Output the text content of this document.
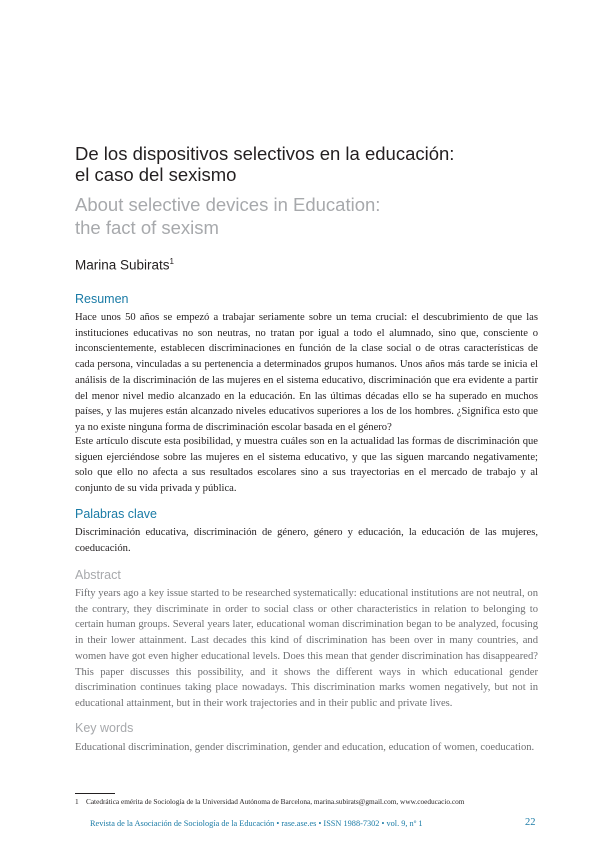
De los dispositivos selectivos en la educación:
el caso del sexismo
About selective devices in Education:
the fact of sexism
Marina Subirats$^1$
Resumen

Hace unos 50 años se empezó a trabajar seriamente sobre un tema crucial: el descubrimiento de que las instituciones educativas no son neutras, no tratan por igual a todo el alumnado, sino que, consciente o inconscientemente, establecen discriminaciones en función de la clase social o de otras características de cada persona, vinculadas a su pertenencia a determinados grupos humanos. Unos años más tarde se inicia el análisis de la discriminación de las mujeres en el sistema educativo, discriminación que era evidente a partir del menor nivel medio alcanzado en la educación. En las últimas décadas ello se ha superado en muchos países, y las mujeres están alcanzado niveles educativos superiores a los de los hombres. ¿Significa esto que ya no existe ninguna forma de discriminación escolar basada en el género?

Este artículo discute esta posibilidad, y muestra cuáles son en la actualidad las formas de discriminación que siguen ejerciéndose sobre las mujeres en el sistema educativo, y que las siguen marcando negativamente; solo que ello no afecta a sus resultados escolares sino a sus trayectorias en el mercado de trabajo y al conjunto de su vida privada y pública.

Palabras clave

Discriminación educativa, discriminación de género, género y educación, la educación de las mujeres, coeducación.

Abstract

Fifty years ago a key issue started to be researched systematically: educational institutions are not neutral, on the contrary, they discriminate in order to social class or other characteristics in relation to belonging to certain human groups. Several years later, educational woman discrimination began to be analyzed, focusing in their lower attainment. Last decades this kind of discrimination has been over in many countries, and women have got even higher educational levels. Does this mean that gender discrimination has disappeared? This paper discusses this possibility, and it shows the different ways in which educational gender discrimination continues taking place nowadays. This discrimination marks women negatively, but not in educational attainment, but in their work trajectories and in their public and private lives.

Key words

Educational discrimination, gender discrimination, gender and education, education of women, coeducation.

1 Catedrática emérita de Sociología de la Universidad Autónoma de Barcelona, marina.subirats@gmail.com, www.coeducacio.com
Revista de la Asociación de Sociología de la Educación • rase.ase.es • ISSN 1988-7302 • vol. 9, nº 1	22
